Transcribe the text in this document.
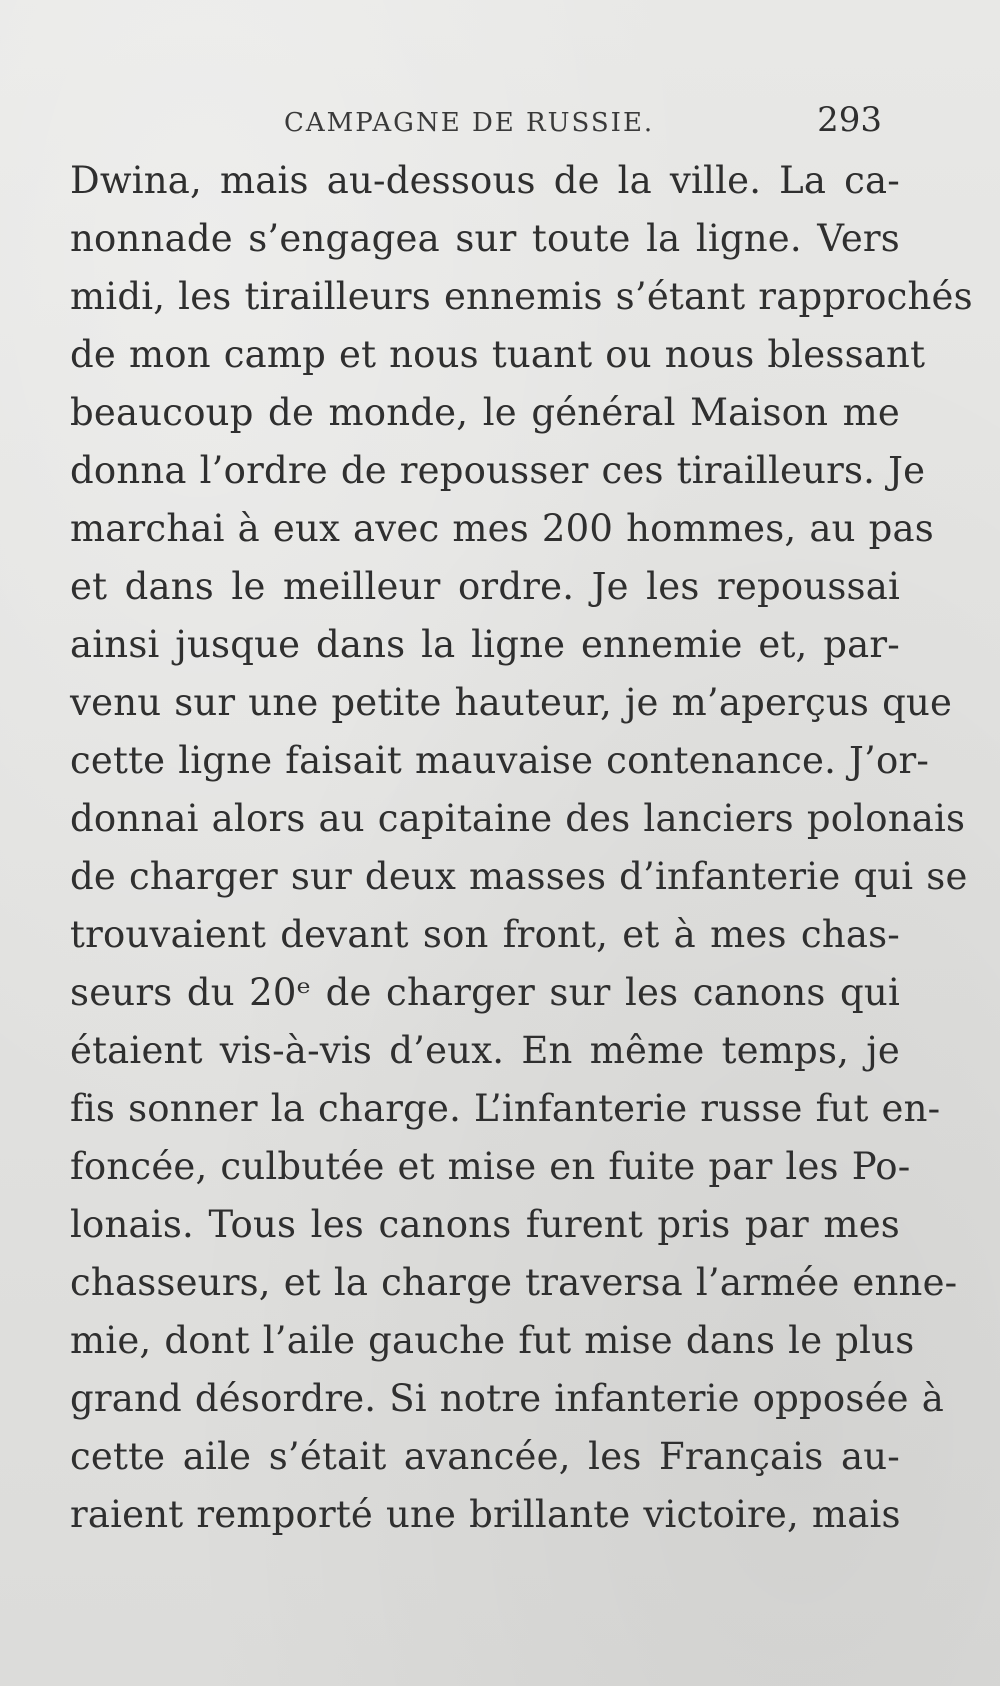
CAMPAGNE DE RUSSIE.	293
Dwina, mais au-dessous de la ville. La ca-
nonnade s’engagea sur toute la ligne. Vers
midi, les tirailleurs ennemis s’étant rapprochés
de mon camp et nous tuant ou nous blessant
beaucoup de monde, le général Maison me
donna l’ordre de repousser ces tirailleurs. Je
marchai à eux avec mes 200 hommes, au pas
et dans le meilleur ordre. Je les repoussai
ainsi jusque dans la ligne ennemie et, par-
venu sur une petite hauteur, je m’aperçus que
cette ligne faisait mauvaise contenance. J’or-
donnai alors au capitaine des lanciers polonais
de charger sur deux masses d’infanterie qui se
trouvaient devant son front, et à mes chas-
seurs du 20ᵉ de charger sur les canons qui
étaient vis-à-vis d’eux. En même temps, je
fis sonner la charge. L’infanterie russe fut en-
foncée, culbutée et mise en fuite par les Po-
lonais. Tous les canons furent pris par mes
chasseurs, et la charge traversa l’armée enne-
mie, dont l’aile gauche fut mise dans le plus
grand désordre. Si notre infanterie opposée à
cette aile s’était avancée, les Français au-
raient remporté une brillante victoire, mais
